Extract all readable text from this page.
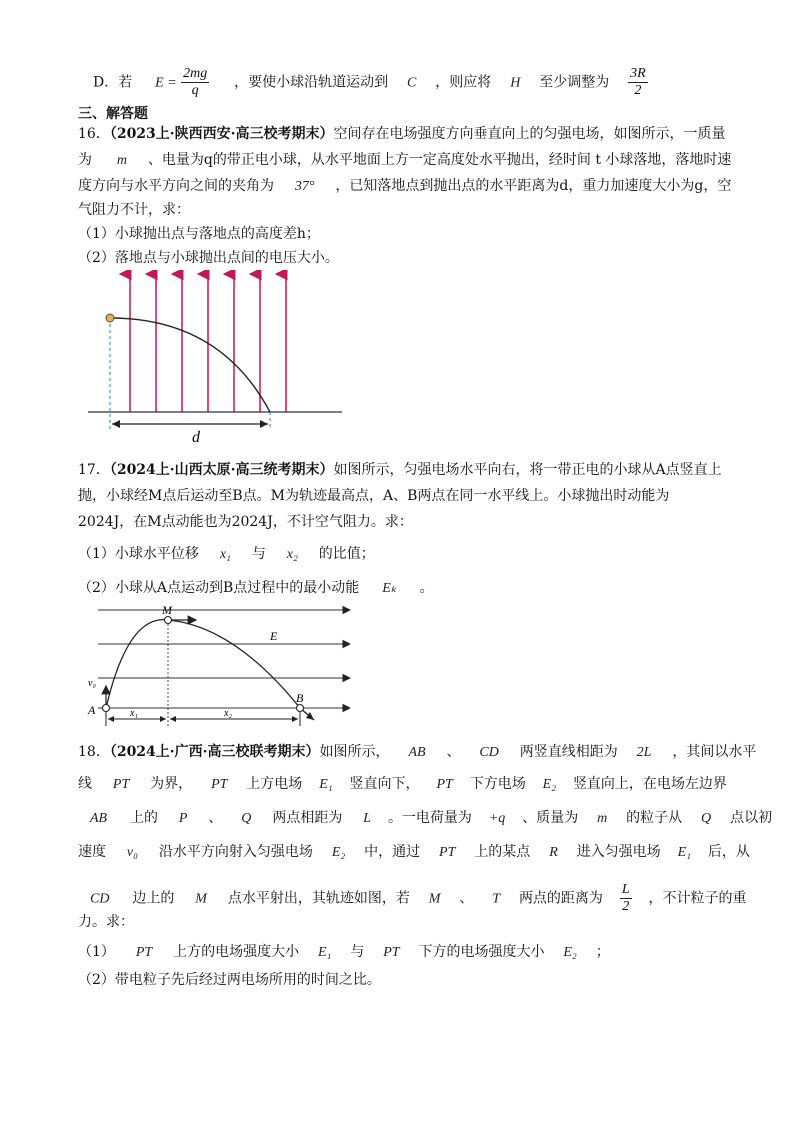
D．若 $E = \frac{2mg}{q}$ ，要使小球沿轨道运动到 C ，则应将 H 至少调整为 $\frac{3R}{2}$
三、解答题
16．（2023上·陕西西安·高三校考期末）空间存在电场强度方向垂直向上的匀强电场，如图所示，一质量
为 m 、电量为q的带正电小球，从水平地面上方一定高度处水平抛出，经时间 t 小球落地，落地时速
度方向与水平方向之间的夹角为 37° ，已知落地点到抛出点的水平距离为d，重力加速度大小为g，空
气阻力不计，求：
（1）小球抛出点与落地点的高度差h；
（2）落地点与小球抛出点间的电压大小。
d
17．（2024上·山西太原·高三统考期末）如图所示，匀强电场水平向右，将一带正电的小球从A点竖直上
抛，小球经M点后运动至B点。M为轨迹最高点，A、B两点在同一水平线上。小球抛出时动能为
2024J，在M点动能也为2024J，不计空气阻力。求：
（1）小球水平位移 x₁ 与 x₂ 的比值；
（2）小球从A点运动到B点过程中的最小动能 Eₖ 。
M
E
v₀
A
B
x₁	x₂
18．（2024上·广西·高三校联考期末）如图所示， AB 、 CD 两竖直线相距为 2L ，其间以水平
线 PT 为界， PT 上方电场 E₁ 竖直向下， PT 下方电场 E₂ 竖直向上，在电场左边界
AB 上的 P 、 Q 两点相距为 L 。一电荷量为 +q 、质量为 m 的粒子从 Q 点以初
速度 v₀ 沿水平方向射入匀强电场 E₂ 中，通过 PT 上的某点 R 进入匀强电场 E₁ 后，从
CD 边上的 M 点水平射出，其轨迹如图，若 M 、 T 两点的距离为 $\frac{L}{2}$ ，不计粒子的重
力。求：
（1） PT 上方的电场强度大小 E₁ 与 PT 下方的电场强度大小 E₂ ；
（2）带电粒子先后经过两电场所用的时间之比。
